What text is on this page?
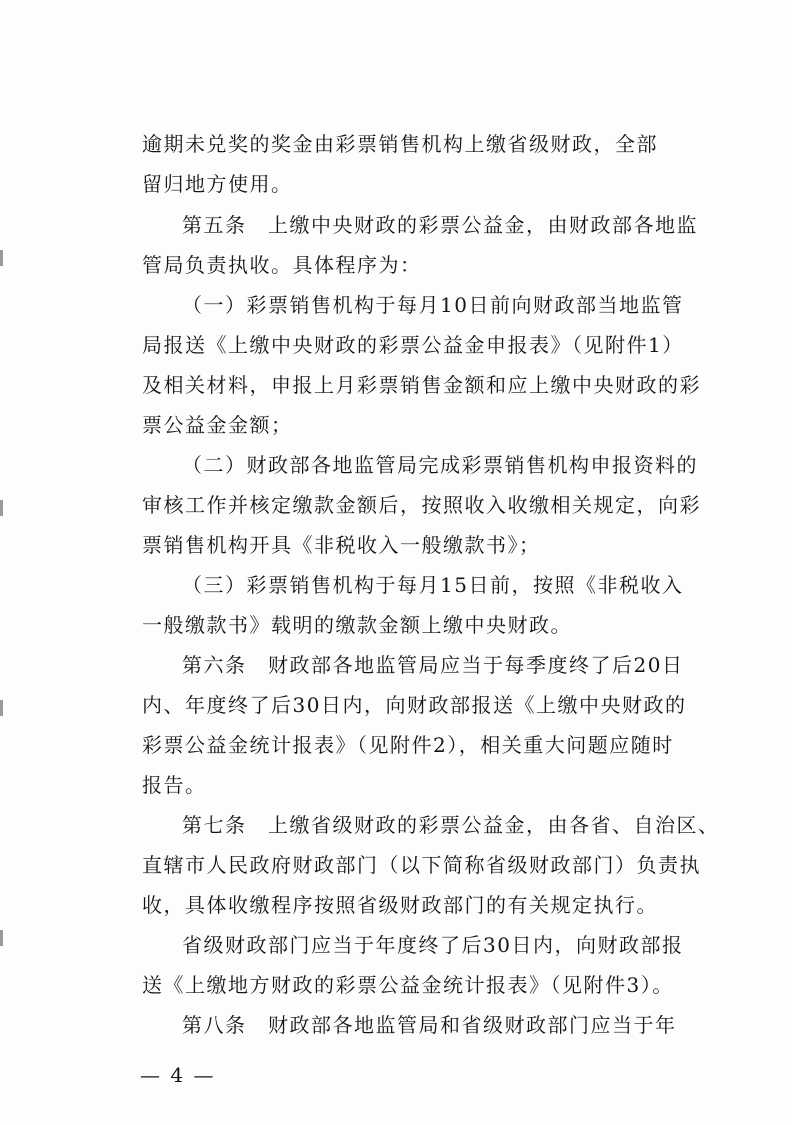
逾期未兑奖的奖金由彩票销售机构上缴省级财政，全部
留归地方使用。
第五条　上缴中央财政的彩票公益金，由财政部各地监
管局负责执收。具体程序为：
（一）彩票销售机构于每月10日前向财政部当地监管
局报送《上缴中央财政的彩票公益金申报表》（见附件1）
及相关材料，申报上月彩票销售金额和应上缴中央财政的彩
票公益金金额；
（二）财政部各地监管局完成彩票销售机构申报资料的
审核工作并核定缴款金额后，按照收入收缴相关规定，向彩
票销售机构开具《非税收入一般缴款书》；
（三）彩票销售机构于每月15日前，按照《非税收入
一般缴款书》载明的缴款金额上缴中央财政。
第六条　财政部各地监管局应当于每季度终了后20日
内、年度终了后30日内，向财政部报送《上缴中央财政的
彩票公益金统计报表》（见附件2），相关重大问题应随时
报告。
第七条　上缴省级财政的彩票公益金，由各省、自治区、
直辖市人民政府财政部门（以下简称省级财政部门）负责执
收，具体收缴程序按照省级财政部门的有关规定执行。
省级财政部门应当于年度终了后30日内，向财政部报
送《上缴地方财政的彩票公益金统计报表》（见附件3）。
第八条　财政部各地监管局和省级财政部门应当于年
— 4 —
